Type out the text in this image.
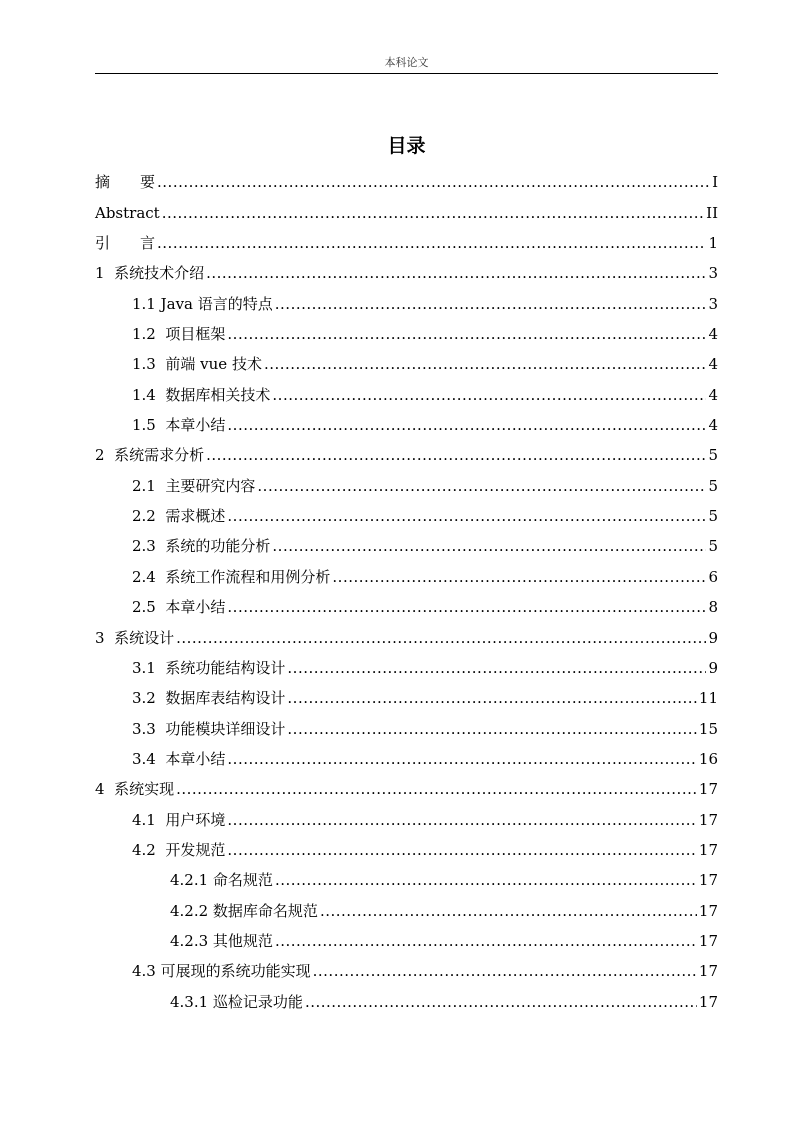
本科论文
目录
摘　　要 .....	I
Abstract .....	II
引　　言 .....	1
1  系统技术介绍 .....	3
1.1 Java 语言的特点 .....	3
1.2  项目框架 .....	4
1.3  前端 vue 技术 .....	4
1.4  数据库相关技术 .....	4
1.5  本章小结 .....	4
2  系统需求分析 .....	5
2.1  主要研究内容 .....	5
2.2  需求概述 .....	5
2.3  系统的功能分析 .....	5
2.4  系统工作流程和用例分析 .....	6
2.5  本章小结 .....	8
3  系统设计 .....	9
3.1  系统功能结构设计 .....	9
3.2  数据库表结构设计 .....	11
3.3  功能模块详细设计 .....	15
3.4  本章小结 .....	16
4  系统实现 .....	17
4.1  用户环境 .....	17
4.2  开发规范 .....	17
4.2.1 命名规范 .....	17
4.2.2 数据库命名规范 .....	17
4.2.3 其他规范 .....	17
4.3 可展现的系统功能实现 .....	17
4.3.1 巡检记录功能 .....	17
